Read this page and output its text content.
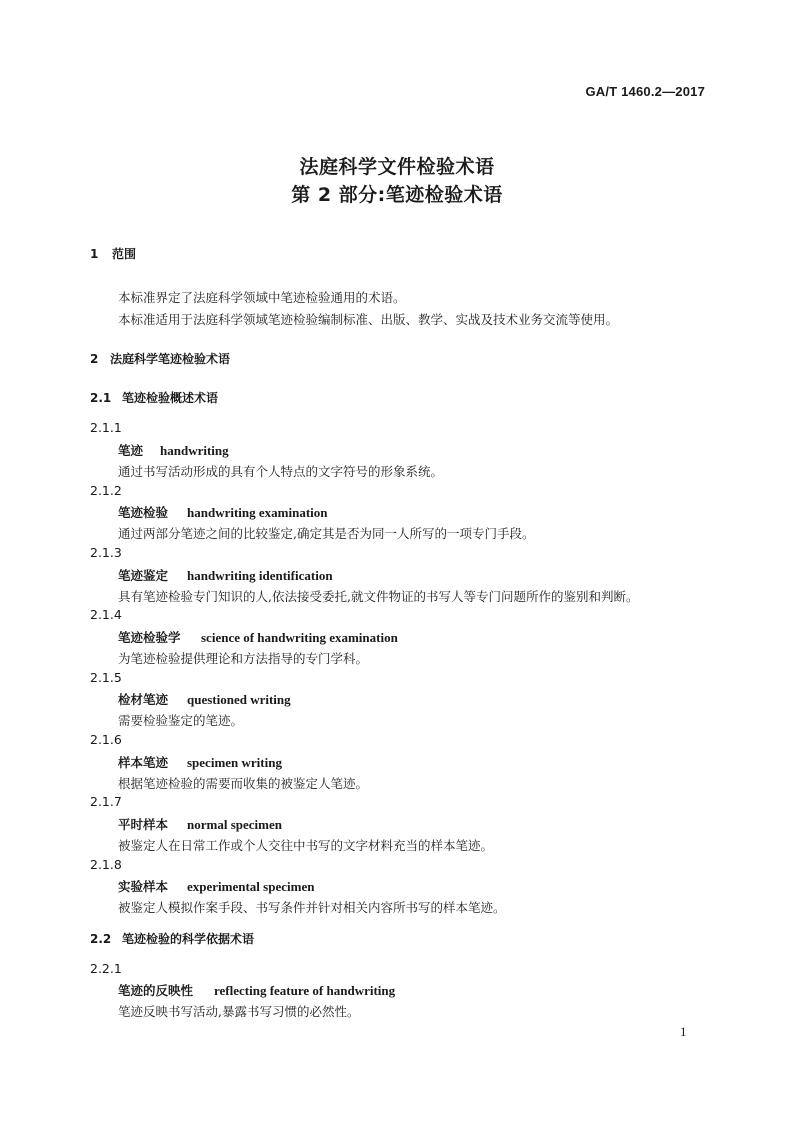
GA/T 1460.2—2017
法庭科学文件检验术语
第 2 部分:笔迹检验术语
1 范围
本标准界定了法庭科学领域中笔迹检验通用的术语。
本标准适用于法庭科学领域笔迹检验编制标准、出版、教学、实战及技术业务交流等使用。
2 法庭科学笔迹检验术语
2.1 笔迹检验概述术语
2.1.1
笔迹 handwriting
通过书写活动形成的具有个人特点的文字符号的形象系统。
2.1.2
笔迹检验 handwriting examination
通过两部分笔迹之间的比较鉴定,确定其是否为同一人所写的一项专门手段。
2.1.3
笔迹鉴定 handwriting identification
具有笔迹检验专门知识的人,依法接受委托,就文件物证的书写人等专门问题所作的鉴别和判断。
2.1.4
笔迹检验学 science of handwriting examination
为笔迹检验提供理论和方法指导的专门学科。
2.1.5
检材笔迹 questioned writing
需要检验鉴定的笔迹。
2.1.6
样本笔迹 specimen writing
根据笔迹检验的需要而收集的被鉴定人笔迹。
2.1.7
平时样本 normal specimen
被鉴定人在日常工作或个人交往中书写的文字材料充当的样本笔迹。
2.1.8
实验样本 experimental specimen
被鉴定人模拟作案手段、书写条件并针对相关内容所书写的样本笔迹。
2.2 笔迹检验的科学依据术语
2.2.1
笔迹的反映性 reflecting feature of handwriting
笔迹反映书写活动,暴露书写习惯的必然性。
1
